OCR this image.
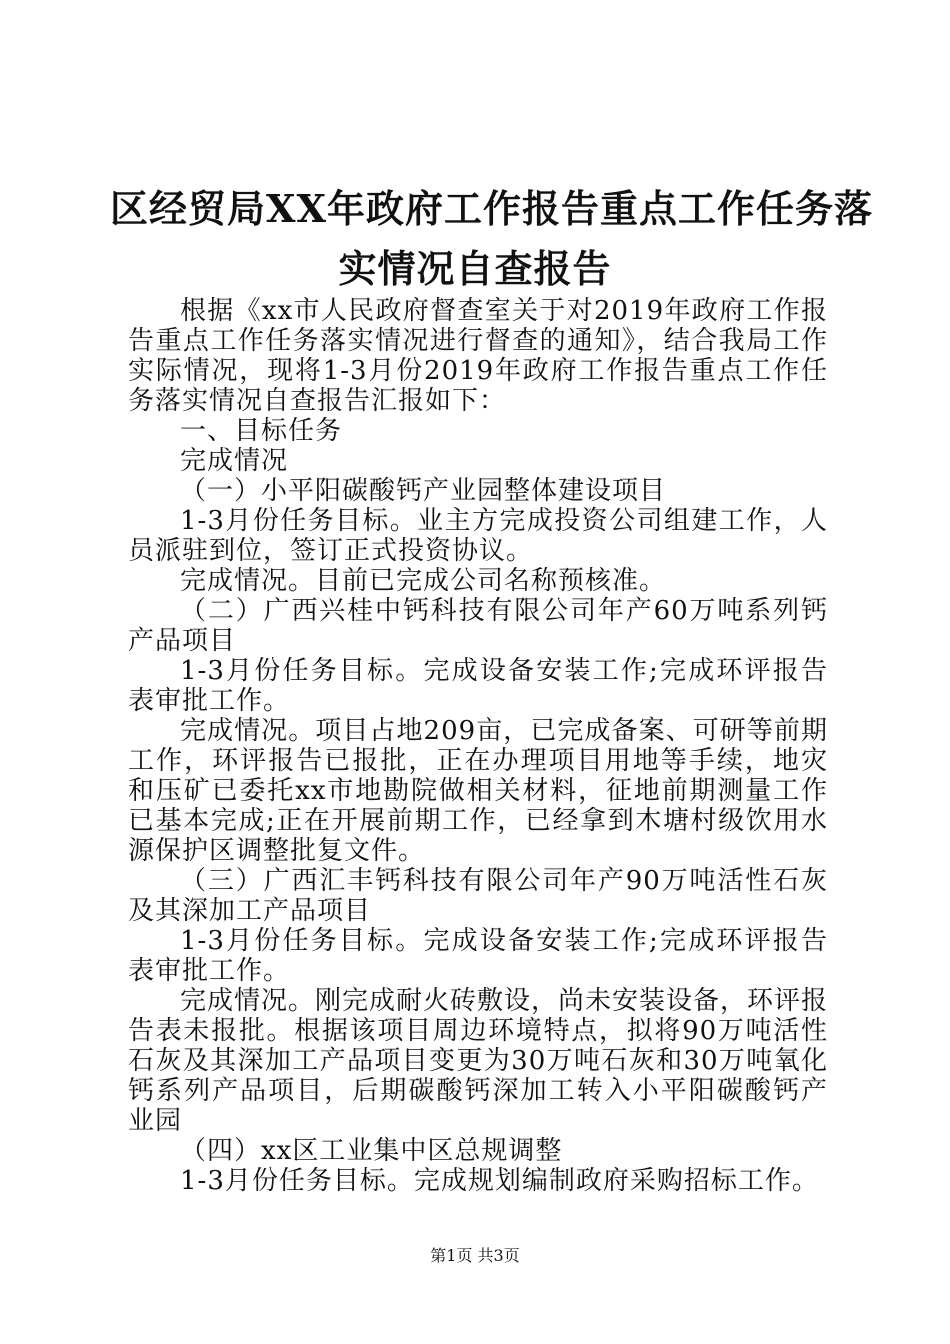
区经贸局XX年政府工作报告重点工作任务落
实情况自查报告

根据《xx市人民政府督查室关于对2019年政府工作报告重点工作任务落实情况进行督查的通知》，结合我局工作实际情况，现将1-3月份2019年政府工作报告重点工作任务落实情况自查报告汇报如下：

一、目标任务

完成情况

（一）小平阳碳酸钙产业园整体建设项目

1-3月份任务目标。业主方完成投资公司组建工作，人员派驻到位，签订正式投资协议。

完成情况。目前已完成公司名称预核准。

（二）广西兴桂中钙科技有限公司年产60万吨系列钙产品项目

1-3月份任务目标。完成设备安装工作;完成环评报告表审批工作。

完成情况。项目占地209亩，已完成备案、可研等前期工作，环评报告已报批，正在办理项目用地等手续，地灾和压矿已委托xx市地勘院做相关材料，征地前期测量工作已基本完成;正在开展前期工作，已经拿到木塘村级饮用水源保护区调整批复文件。

（三）广西汇丰钙科技有限公司年产90万吨活性石灰及其深加工产品项目

1-3月份任务目标。完成设备安装工作;完成环评报告表审批工作。

完成情况。刚完成耐火砖敷设，尚未安装设备，环评报告表未报批。根据该项目周边环境特点，拟将90万吨活性石灰及其深加工产品项目变更为30万吨石灰和30万吨氧化钙系列产品项目，后期碳酸钙深加工转入小平阳碳酸钙产业园

（四）xx区工业集中区总规调整

1-3月份任务目标。完成规划编制政府采购招标工作。

第1页 共3页
